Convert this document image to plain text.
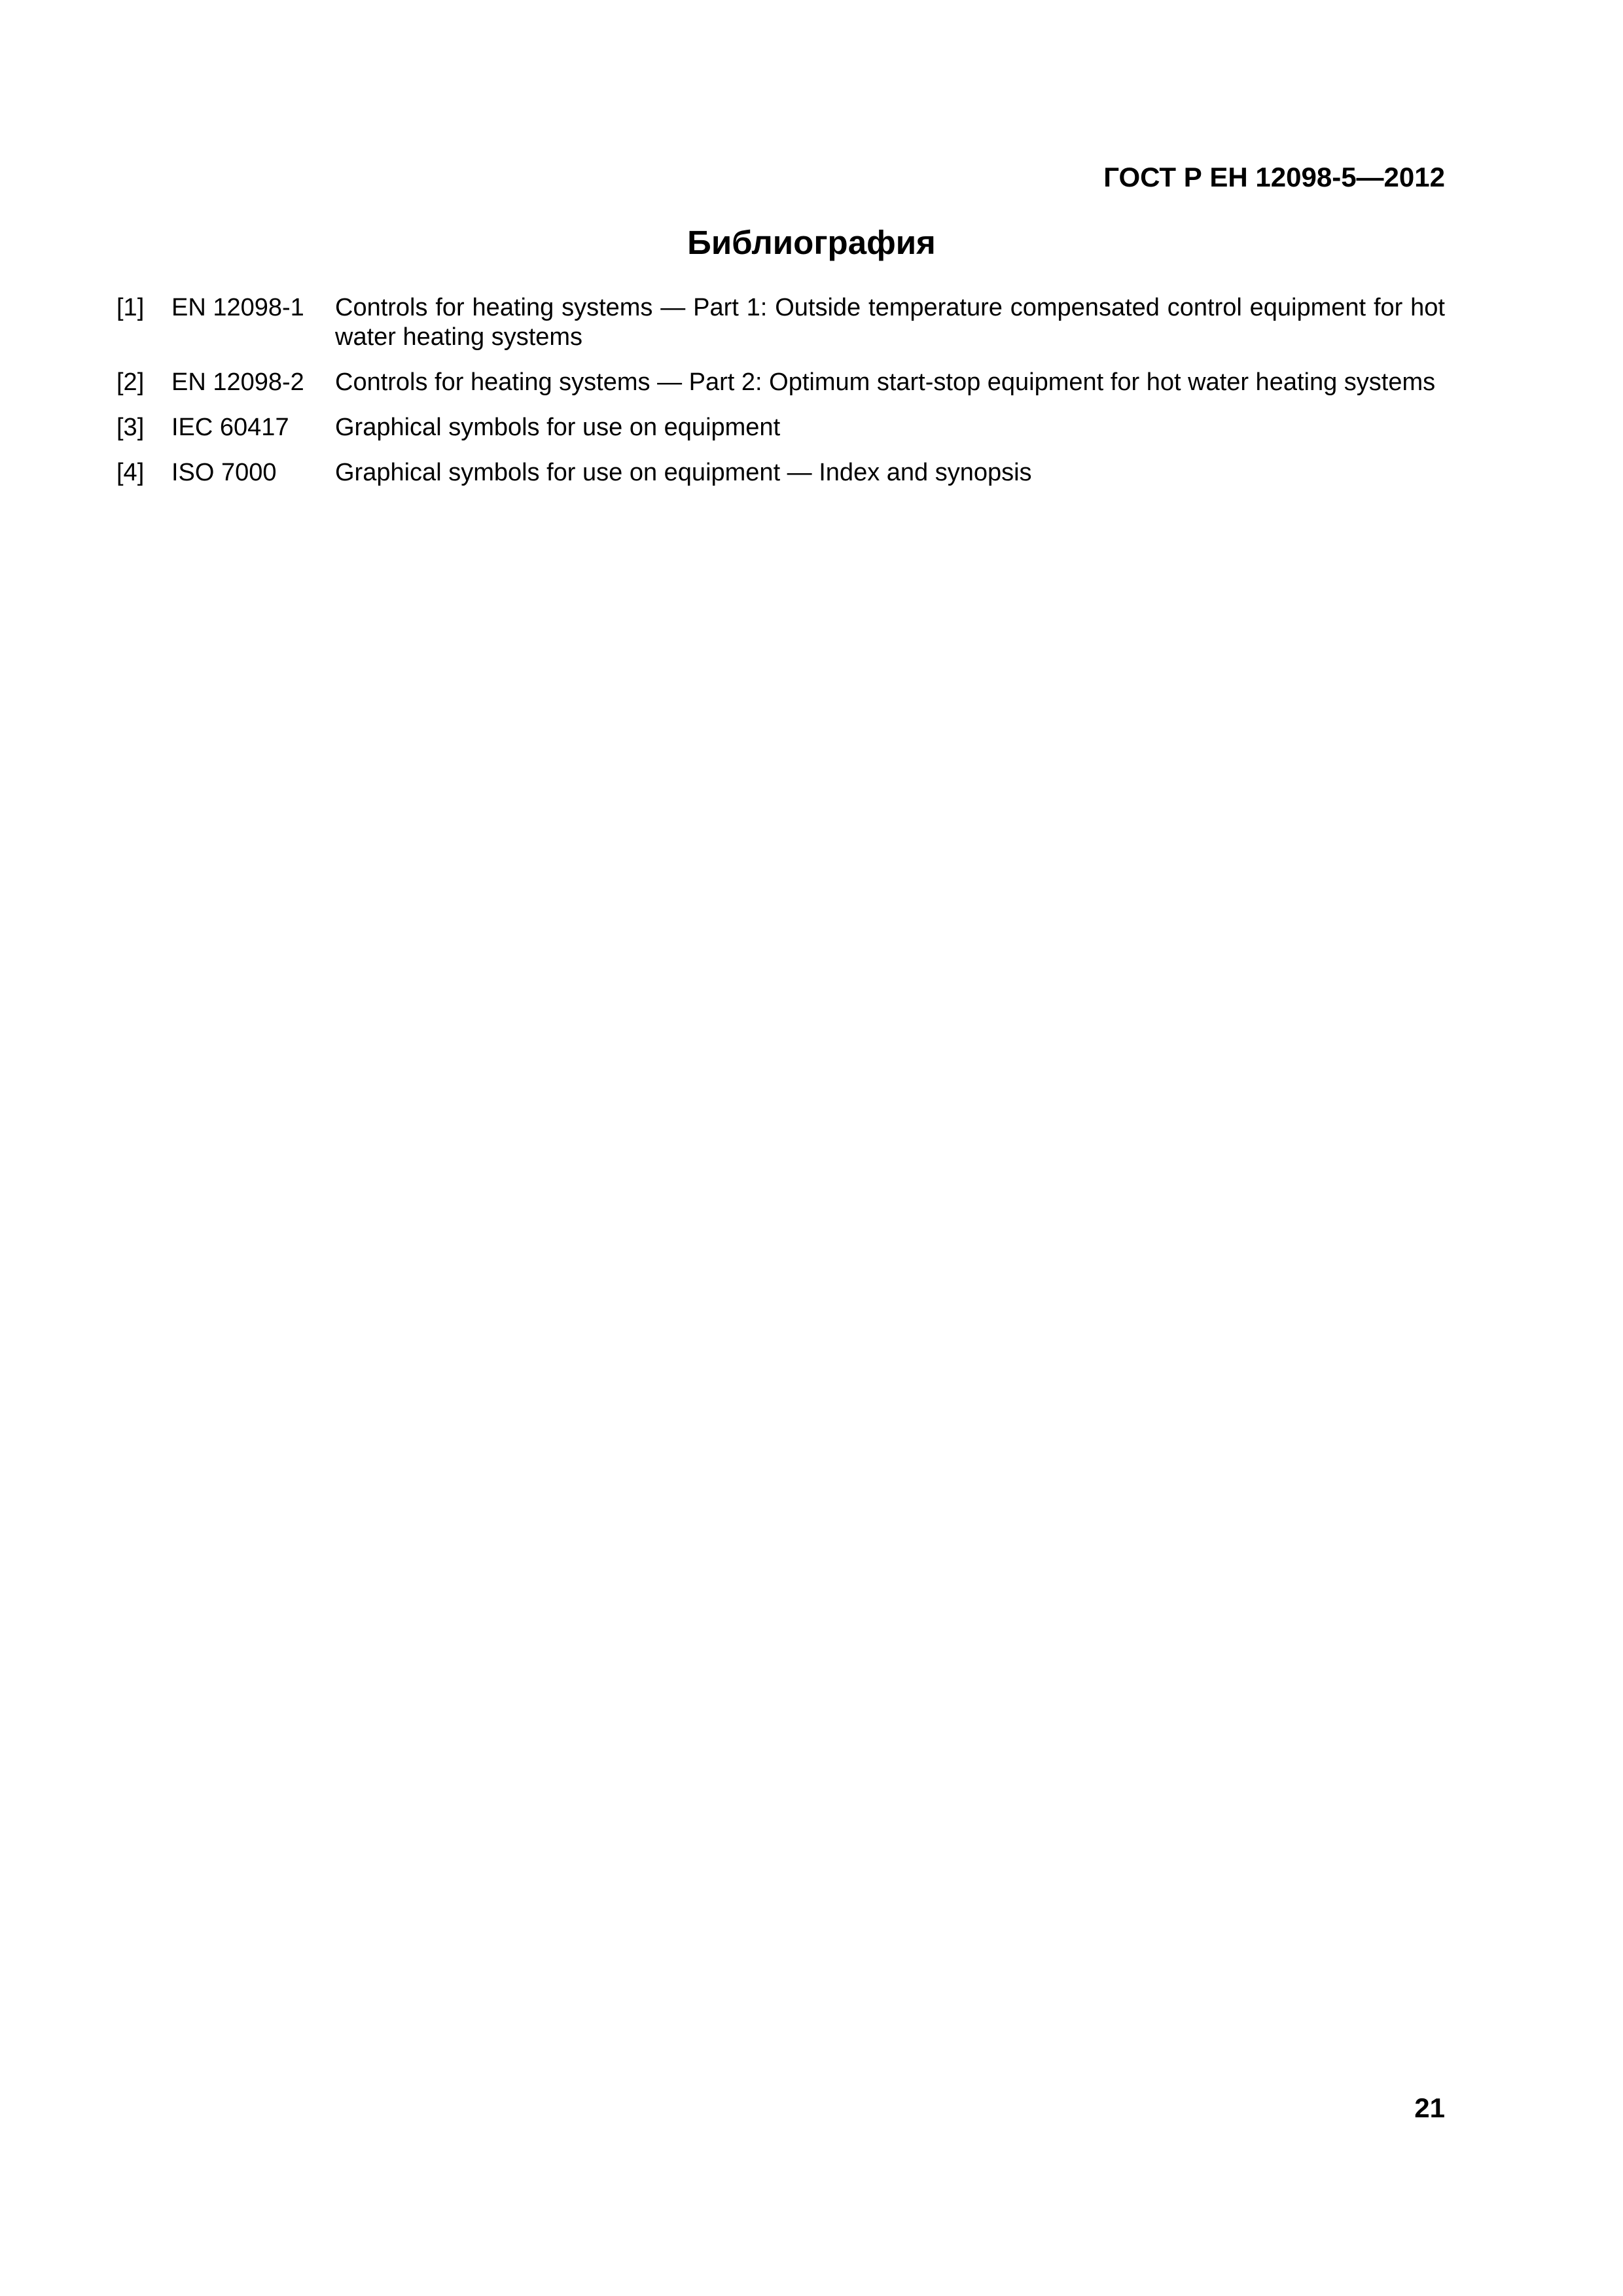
ГОСТ Р ЕН 12098-5—2012
Библиография
[1]	EN 12098-1	Controls for heating systems — Part 1: Outside temperature compensated control equipment for hot water heating systems
[2]	EN 12098-2	Controls for heating systems — Part 2: Optimum start-stop equipment for hot water heating systems
[3]	IEC 60417	Graphical symbols for use on equipment
[4]	ISO 7000	Graphical symbols for use on equipment — Index and synopsis
21
